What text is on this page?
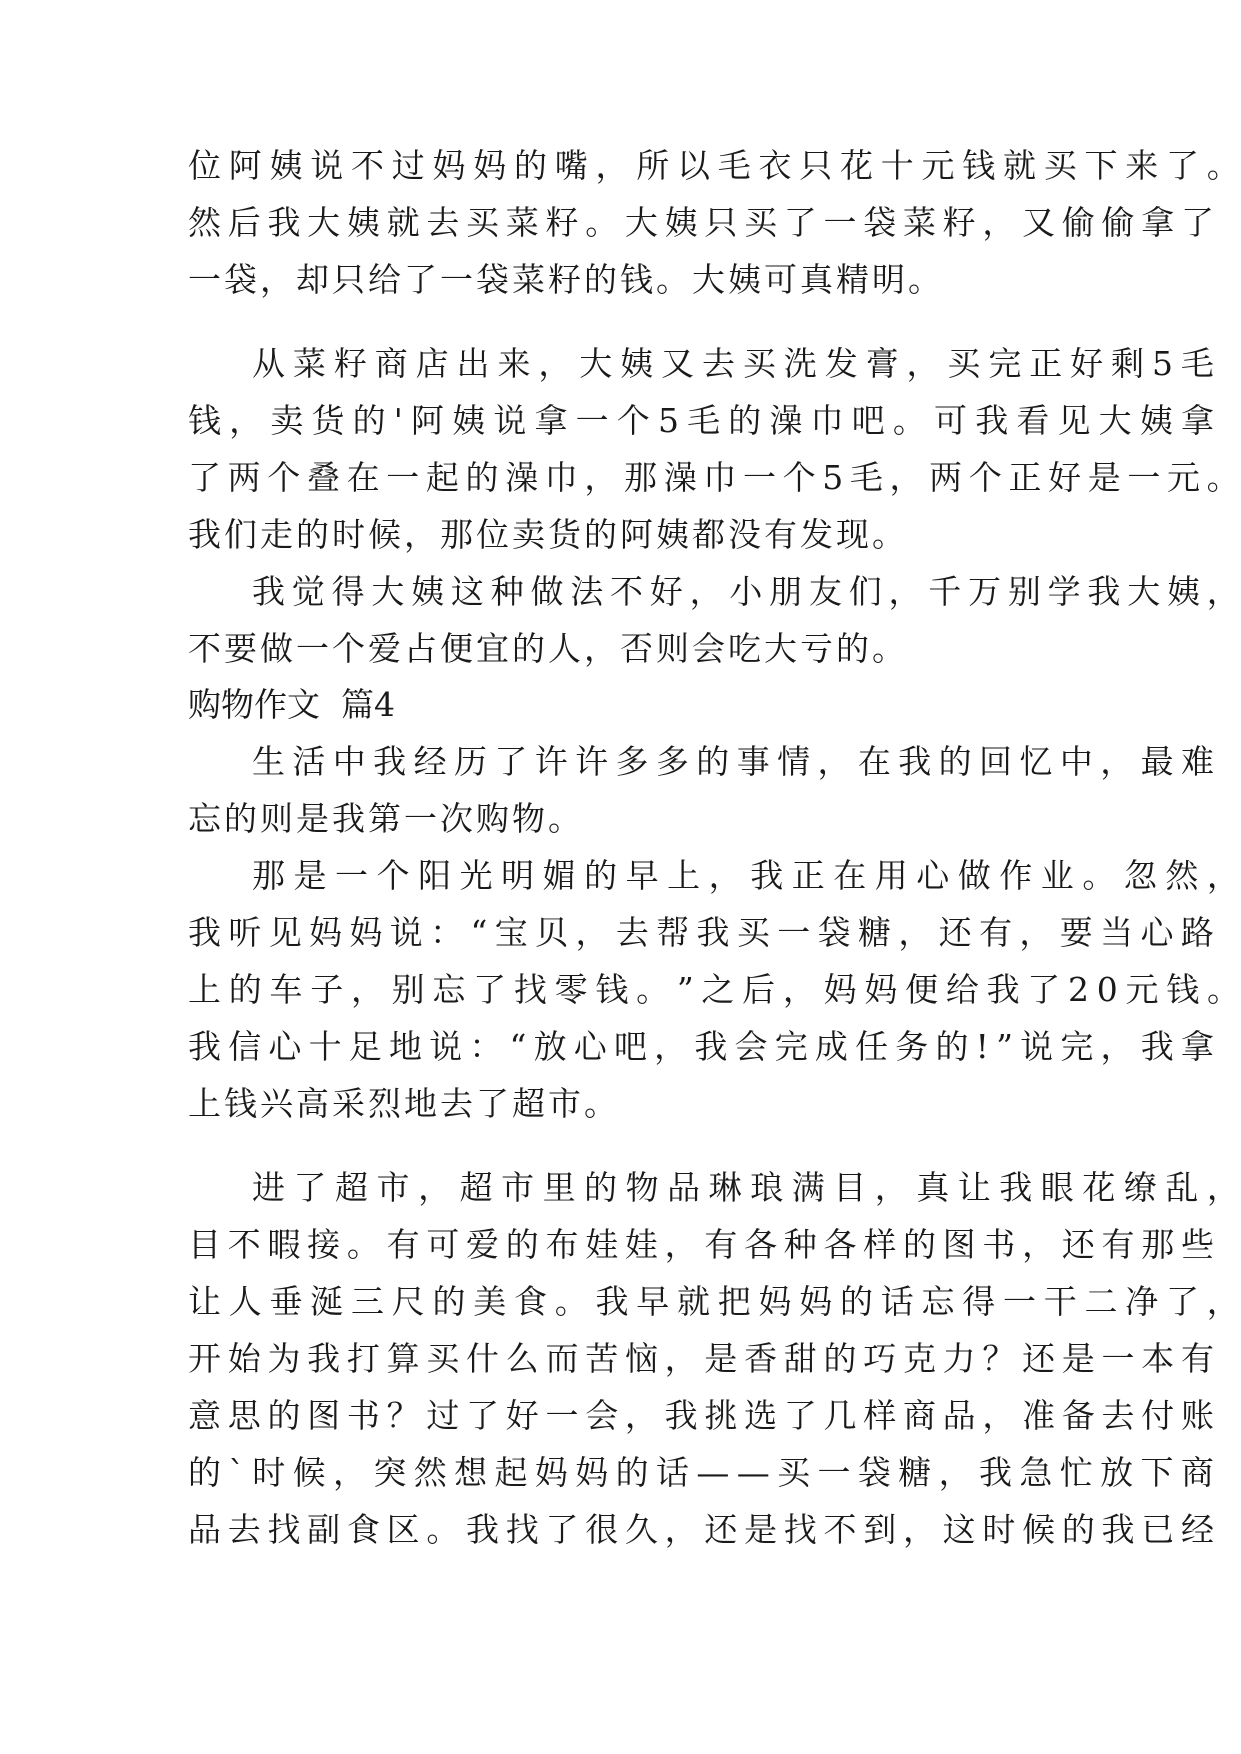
位 阿 姨 说 不 过 妈 妈 的 嘴 ， 所 以 毛 衣 只 花 十 元 钱 就 买 下 来 了 。
然 后 我 大 姨 就 去 买 菜 籽 。 大 姨 只 买 了 一 袋 菜 籽 ， 又 偷 偷 拿 了
一袋，却只给了一袋菜籽的钱。大姨可真精明。
从 菜 籽 商 店 出 来 ， 大 姨 又 去 买 洗 发 膏 ， 买 完 正 好 剩 5 毛
钱 ， 卖 货 的 ' 阿 姨 说 拿 一 个 5 毛 的 澡 巾 吧 。 可 我 看 见 大 姨 拿
了 两 个 叠 在 一 起 的 澡 巾 ， 那 澡 巾 一 个 5 毛 ， 两 个 正 好 是 一 元 。
我们走的时候，那位卖货的阿姨都没有发现。
我 觉 得 大 姨 这 种 做 法 不 好 ， 小 朋 友 们 ， 千 万 别 学 我 大 姨 ，
不要做一个爱占便宜的人，否则会吃大亏的。
购物作文  篇4
生 活 中 我 经 历 了 许 许 多 多 的 事 情 ， 在 我 的 回 忆 中 ， 最 难
忘的则是我第一次购物。
那 是 一 个 阳 光 明 媚 的 早 上 ， 我 正 在 用 心 做 作 业 。 忽 然 ，
我 听 见 妈 妈 说 ： “ 宝 贝 ， 去 帮 我 买 一 袋 糖 ， 还 有 ， 要 当 心 路
上 的 车 子 ， 别 忘 了 找 零 钱 。 ” 之 后 ， 妈 妈 便 给 我 了 2 0 元 钱 。
我 信 心 十 足 地 说 ： “ 放 心 吧 ， 我 会 完 成 任 务 的 ! ” 说 完 ， 我 拿
上钱兴高采烈地去了超市。
进 了 超 市 ， 超 市 里 的 物 品 琳 琅 满 目 ， 真 让 我 眼 花 缭 乱 ，
目 不 暇 接 。 有 可 爱 的 布 娃 娃 ， 有 各 种 各 样 的 图 书 ， 还 有 那 些
让 人 垂 涎 三 尺 的 美 食 。 我 早 就 把 妈 妈 的 话 忘 得 一 干 二 净 了 ，
开 始 为 我 打 算 买 什 么 而 苦 恼 ， 是 香 甜 的 巧 克 力 ？ 还 是 一 本 有
意 思 的 图 书 ？ 过 了 好 一 会 ， 我 挑 选 了 几 样 商 品 ， 准 备 去 付 账
的 ` 时 候 ， 突 然 想 起 妈 妈 的 话 — — 买 一 袋 糖 ， 我 急 忙 放 下 商
品 去 找 副 食 区 。 我 找 了 很 久 ， 还 是 找 不 到 ， 这 时 候 的 我 已 经
